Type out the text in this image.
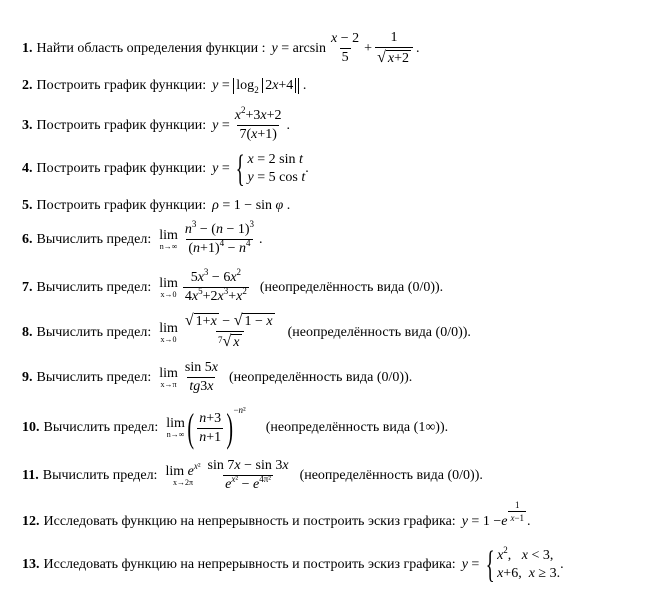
1. Найти область определения функции : $y = \arcsin \frac{x - 2}{5} + \frac{1}{√ x+2}$ .
2. Построить график функции: $y = \log_2 2x+4$ .
3. Построить график функции: $y = \frac{x^2+3x+2}{7(x+1)}$ .
4. Построить график функции: y = { x = 2 sin t
y = 5 cos t
.
5. Построить график функции: ρ = 1 − sin φ .
6. Вычислить предел: lim
$n\to\infty \frac{n^3 - (n - 1)^3}{(n+1)^4 - n^4}$ .
7. Вычислить предел: lim
$x\to 0 \frac{5x^3 - 6x^2}{4x^5+2x^3+x^2}$ (неопределённость вида (0/0)).
8. Вычислить предел: lim
$x\to 0 \frac{√ 1+x - √ 1 - x}{7 √ x}$ (неопределённость вида (0/0)).
9. Вычислить предел: lim
$x\to\pi \frac{\sin 5x}{tg3x}$ (неопределённость вида (0/0)).
10. Вычислить предел: lim
n→∞ ( $\frac{n+3}{n+1}$ ) −n²
(неопределённость вида (1∞)).
11. Вычислить предел: $\lim e^{x^2}$
$x\to 2\pi \frac{\sin 7x - \sin 3x}{e^{x^2} - e^{4\pi^2}}$ (неопределённость вида (0/0)).
12. Исследовать функцию на непрерывность и построить эскиз графика: y = 1 − e $\frac{1}{x-1}$ .
13. Исследовать функцию на непрерывность и построить эскиз графика: y = { $x^2$,   x < 3,
x+6,  x ≥ 3.
.
